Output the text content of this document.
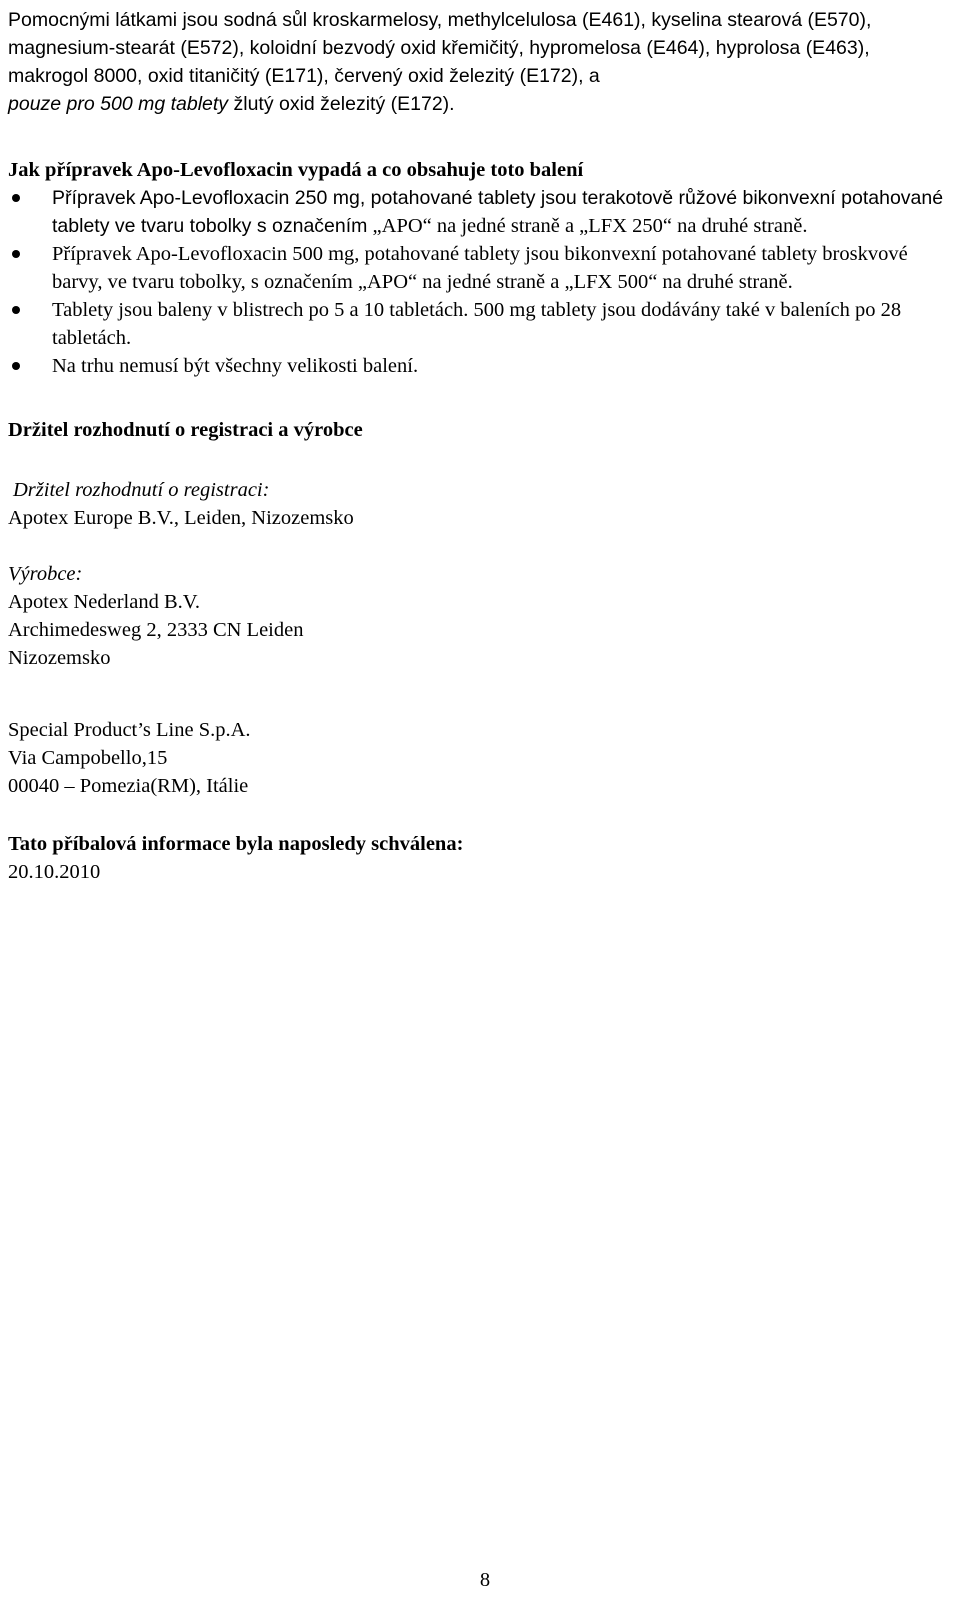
Pomocnými látkami jsou sodná sůl kroskarmelosy, methylcelulosa (E461), kyselina stearová (E570), magnesium-stearát (E572), koloidní bezvodý oxid křemičitý, hypromelosa (E464), hyprolosa (E463), makrogol 8000, oxid titaničitý (E171), červený oxid železitý (E172), a

pouze pro 500 mg tablety žlutý oxid železitý (E172).

Jak přípravek Apo-Levofloxacin vypadá a co obsahuje toto balení

Přípravek Apo-Levofloxacin 250 mg, potahované tablety jsou terakotově růžové bikonvexní potahované tablety ve tvaru tobolky s označením „APO“ na jedné straně a „LFX 250“ na druhé straně.
Přípravek Apo-Levofloxacin 500 mg, potahované tablety jsou bikonvexní potahované tablety broskvové barvy, ve tvaru tobolky, s označením „APO“ na jedné straně a „LFX 500“ na druhé straně.
Tablety jsou baleny v blistrech po 5 a 10 tabletách. 500 mg tablety jsou dodávány také v baleních po 28 tabletách.
Na trhu nemusí být všechny velikosti balení.

Držitel rozhodnutí o registraci a výrobce

Držitel rozhodnutí o registraci:

Apotex Europe B.V., Leiden, Nizozemsko

Výrobce:

Apotex Nederland B.V.

Archimedesweg 2, 2333 CN Leiden

Nizozemsko

Special Product’s Line S.p.A.

Via Campobello,15

00040 – Pomezia(RM), Itálie

Tato příbalová informace byla naposledy schválena:

20.10.2010

8
